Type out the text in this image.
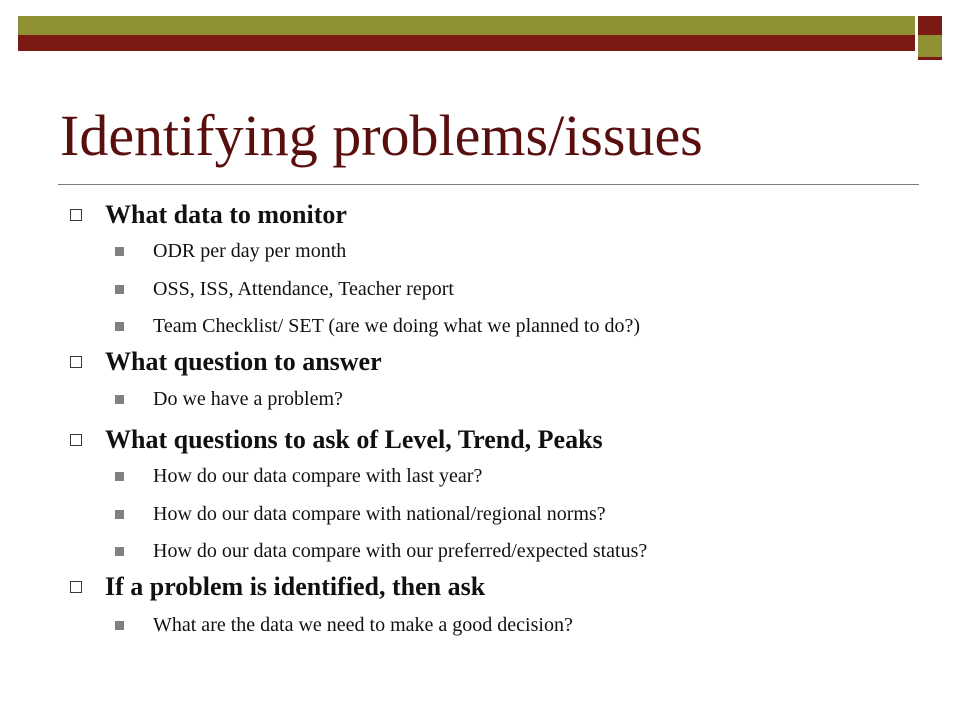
Identifying problems/issues
What data to monitor
ODR per day per month
OSS, ISS, Attendance, Teacher report
Team Checklist/ SET (are we doing what we planned to do?)
What question to answer
Do we have a problem?
What questions to ask of Level, Trend, Peaks
How do our data compare with last year?
How do our data compare with national/regional norms?
How do our data compare with our preferred/expected status?
If a problem is identified, then ask
What are the data we need to make a good decision?
